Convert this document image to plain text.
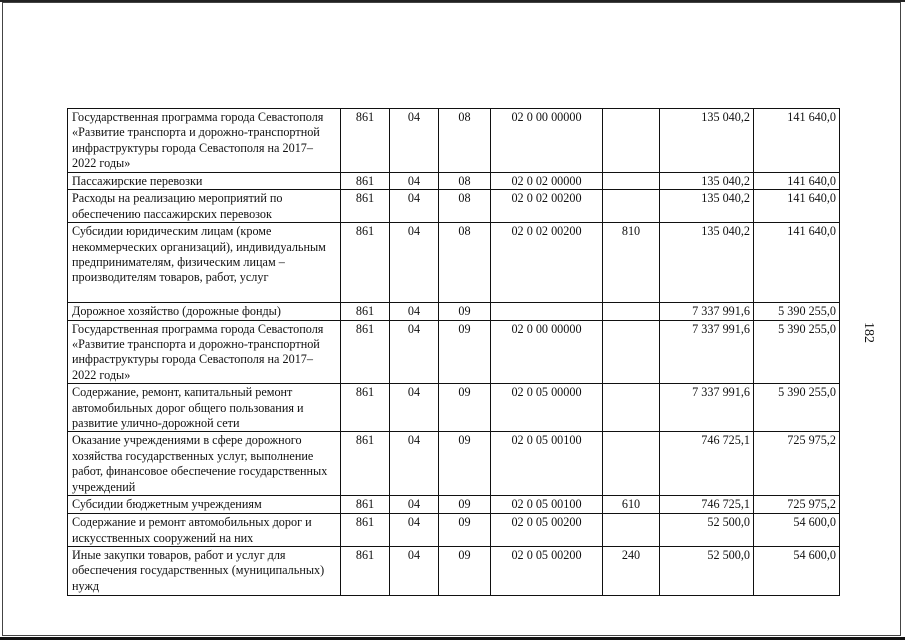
Государственная программа города Севастополя «Развитие транспорта и дорожно-транспортной инфраструктуры города Севастополя на 2017–2022 годы»	861	04	08	02 0 00 00000		135 040,2	141 640,0
Пассажирские перевозки	861	04	08	02 0 02 00000		135 040,2	141 640,0
Расходы на реализацию мероприятий по обеспечению пассажирских перевозок	861	04	08	02 0 02 00200		135 040,2	141 640,0
Субсидии юридическим лицам (кроме некоммерческих организаций), индивидуальным предпринимателям, физическим лицам – производителям товаров, работ, услуг	861	04	08	02 0 02 00200	810	135 040,2	141 640,0
Дорожное хозяйство (дорожные фонды)	861	04	09			7 337 991,6	5 390 255,0
Государственная программа города Севастополя «Развитие транспорта и дорожно-транспортной инфраструктуры города Севастополя на 2017–2022 годы»	861	04	09	02 0 00 00000		7 337 991,6	5 390 255,0
Содержание, ремонт, капитальный ремонт автомобильных дорог общего пользования и развитие улично-дорожной сети	861	04	09	02 0 05 00000		7 337 991,6	5 390 255,0
Оказание учреждениями в сфере дорожного хозяйства государственных услуг, выполнение работ, финансовое обеспечение государственных учреждений	861	04	09	02 0 05 00100		746 725,1	725 975,2
Субсидии бюджетным учреждениям	861	04	09	02 0 05 00100	610	746 725,1	725 975,2
Содержание и ремонт автомобильных дорог и искусственных сооружений на них	861	04	09	02 0 05 00200		52 500,0	54 600,0
Иные закупки товаров, работ и услуг для обеспечения государственных (муниципальных) нужд	861	04	09	02 0 05 00200	240	52 500,0	54 600,0
182
